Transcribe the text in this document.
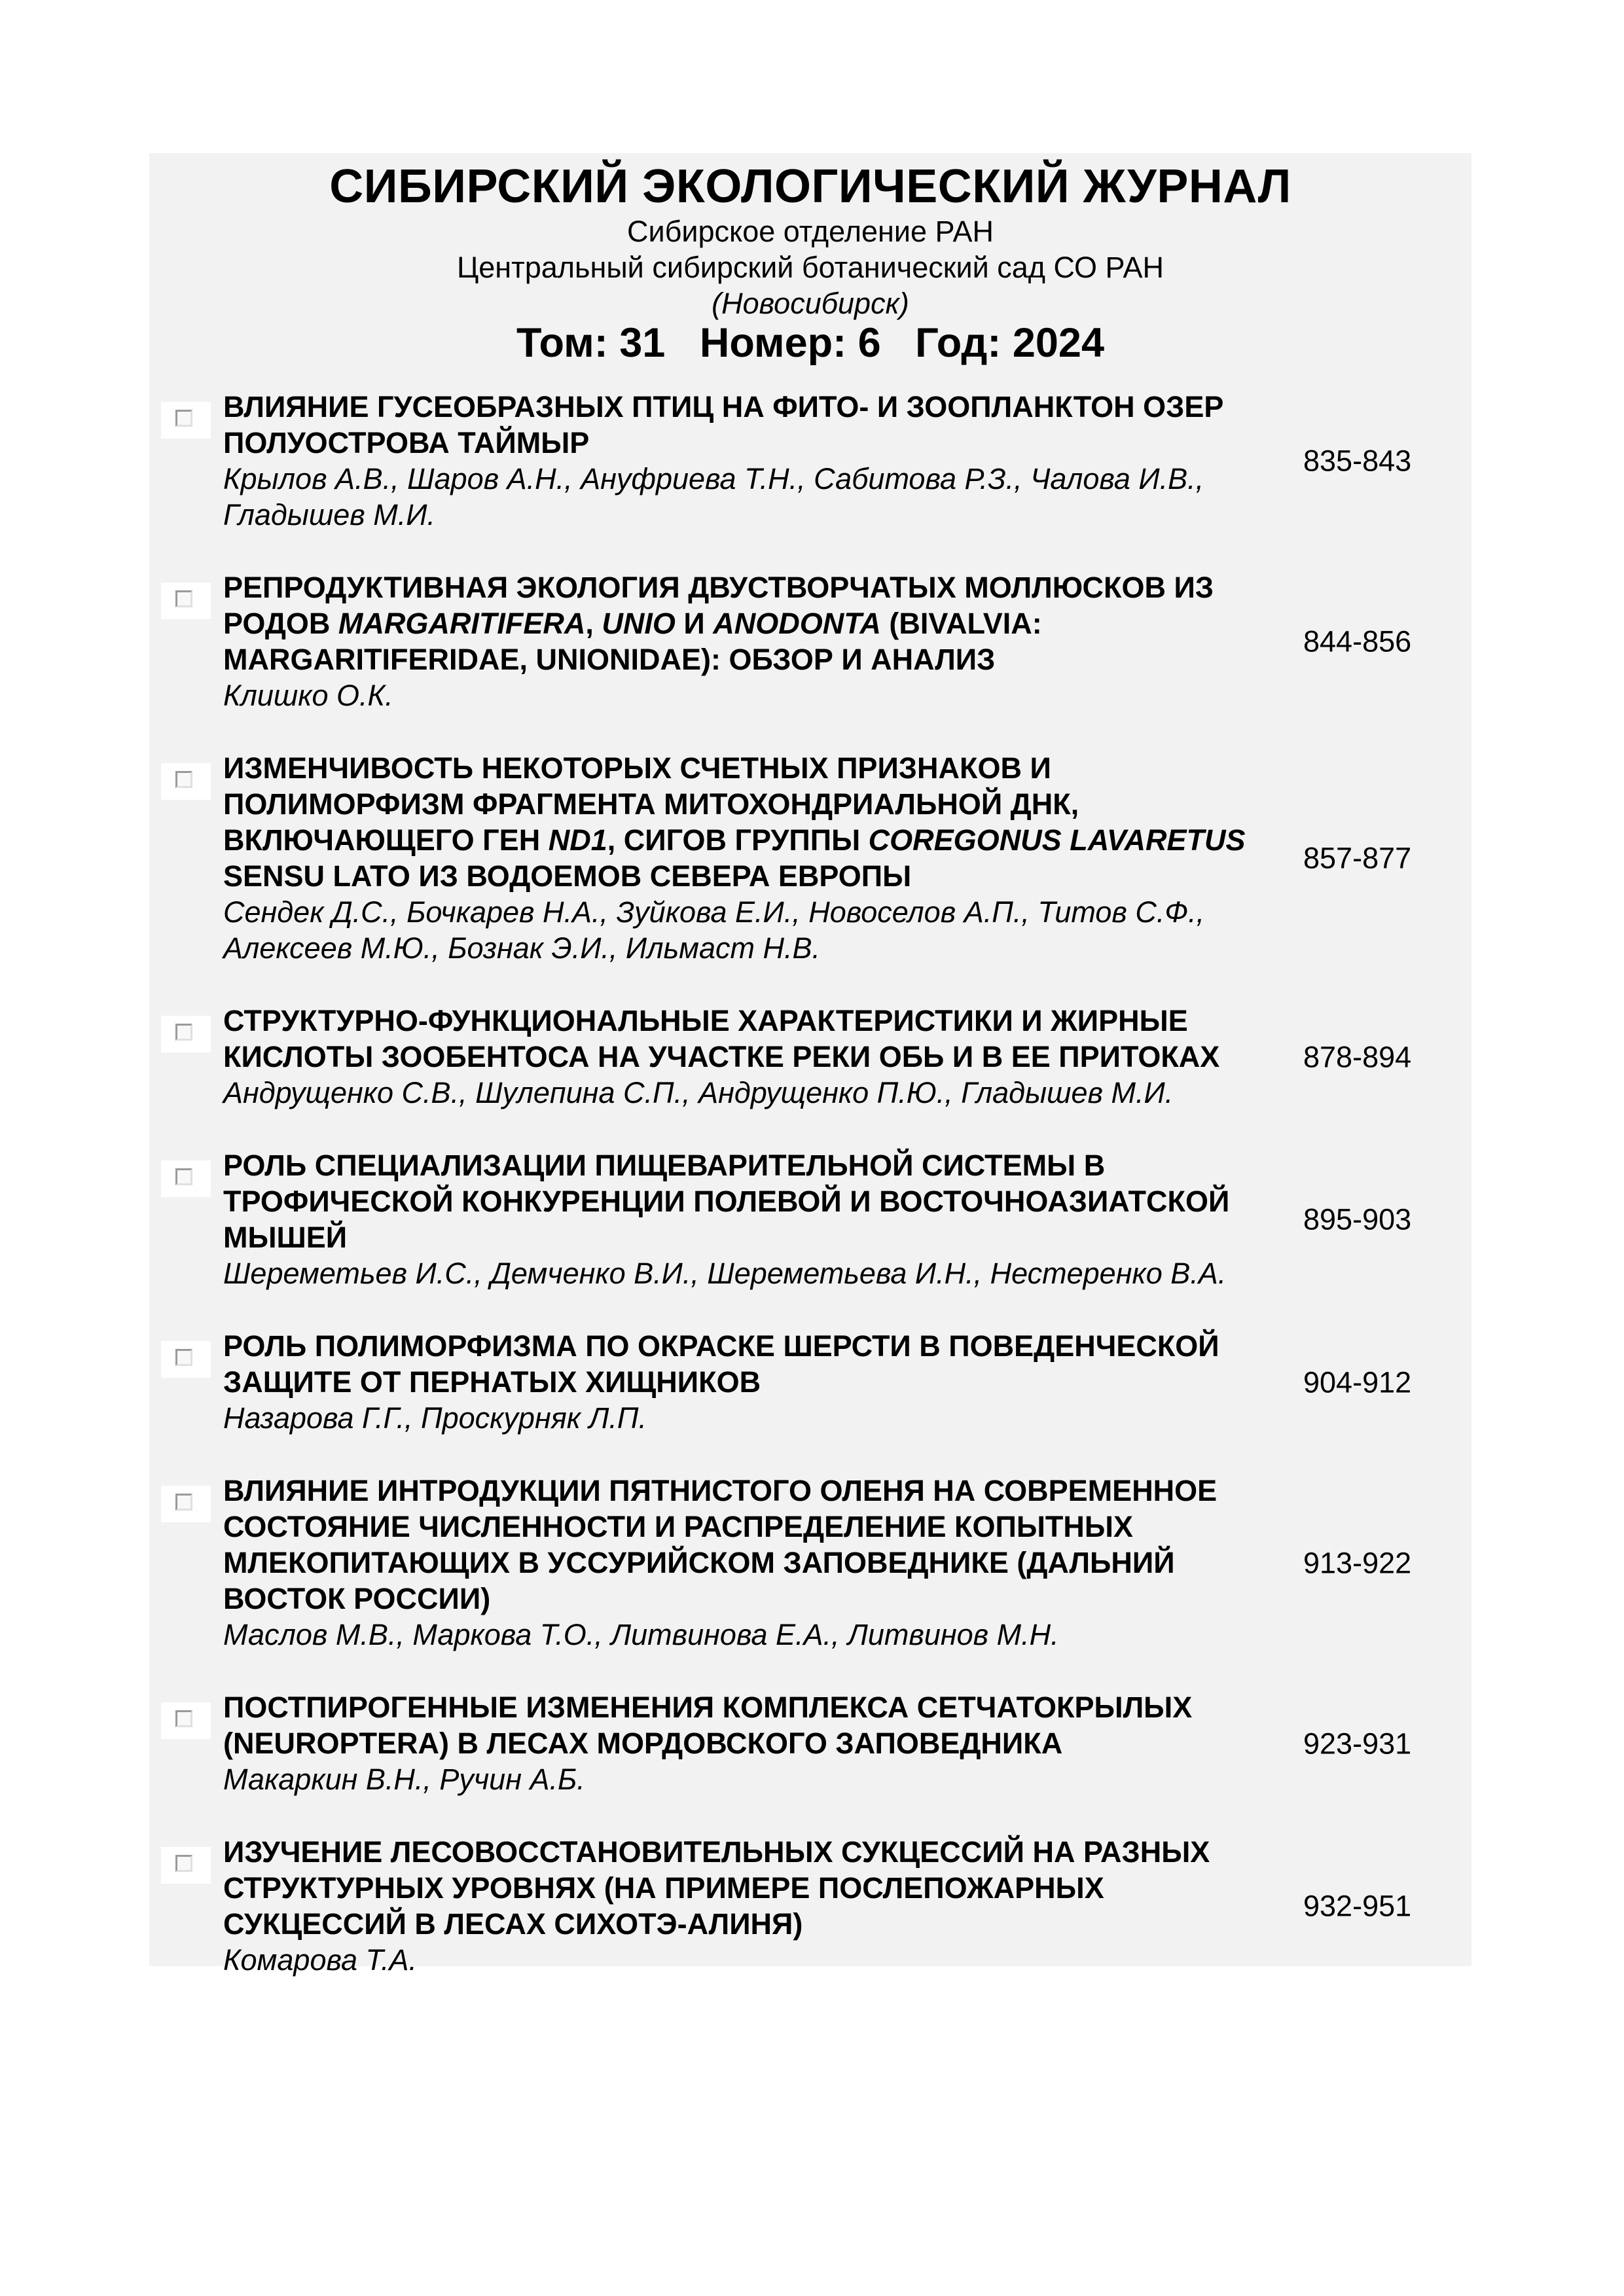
СИБИРСКИЙ ЭКОЛОГИЧЕСКИЙ ЖУРНАЛ
Сибирское отделение РАН
Центральный сибирский ботанический сад СО РАН
(Новосибирск)
Том: 31   Номер: 6   Год: 2024
ВЛИЯНИЕ ГУСЕОБРАЗНЫХ ПТИЦ НА ФИТО- И ЗООПЛАНКТОН ОЗЕР ПОЛУОСТРОВА ТАЙМЫР
Крылов А.В., Шаров А.Н., Ануфриева Т.Н., Сабитова Р.З., Чалова И.В., Гладышев М.И.
835-843
РЕПРОДУКТИВНАЯ ЭКОЛОГИЯ ДВУСТВОРЧАТЫХ МОЛЛЮСКОВ ИЗ РОДОВ MARGARITIFERA, UNIO И ANODONTA (BIVALVIA: MARGARITIFERIDAE, UNIONIDAE): ОБЗОР И АНАЛИЗ
Клишко О.К.
844-856
ИЗМЕНЧИВОСТЬ НЕКОТОРЫХ СЧЕТНЫХ ПРИЗНАКОВ И ПОЛИМОРФИЗМ ФРАГМЕНТА МИТОХОНДРИАЛЬНОЙ ДНК, ВКЛЮЧАЮЩЕГО ГЕН ND1, СИГОВ ГРУППЫ COREGONUS LAVARETUS SENSU LATO ИЗ ВОДОЕМОВ СЕВЕРА ЕВРОПЫ
Сендек Д.С., Бочкарев Н.А., Зуйкова Е.И., Новоселов А.П., Титов С.Ф., Алексеев М.Ю., Бознак Э.И., Ильмаст Н.В.
857-877
СТРУКТУРНО-ФУНКЦИОНАЛЬНЫЕ ХАРАКТЕРИСТИКИ И ЖИРНЫЕ КИСЛОТЫ ЗООБЕНТОСА НА УЧАСТКЕ РЕКИ ОБЬ И В ЕЕ ПРИТОКАХ
Андрущенко С.В., Шулепина С.П., Андрущенко П.Ю., Гладышев М.И.
878-894
РОЛЬ СПЕЦИАЛИЗАЦИИ ПИЩЕВАРИТЕЛЬНОЙ СИСТЕМЫ В ТРОФИЧЕСКОЙ КОНКУРЕНЦИИ ПОЛЕВОЙ И ВОСТОЧНОАЗИАТСКОЙ МЫШЕЙ
Шереметьев И.С., Демченко В.И., Шереметьева И.Н., Нестеренко В.А.
895-903
РОЛЬ ПОЛИМОРФИЗМА ПО ОКРАСКЕ ШЕРСТИ В ПОВЕДЕНЧЕСКОЙ ЗАЩИТЕ ОТ ПЕРНАТЫХ ХИЩНИКОВ
Назарова Г.Г., Проскурняк Л.П.
904-912
ВЛИЯНИЕ ИНТРОДУКЦИИ ПЯТНИСТОГО ОЛЕНЯ НА СОВРЕМЕННОЕ СОСТОЯНИЕ ЧИСЛЕННОСТИ И РАСПРЕДЕЛЕНИЕ КОПЫТНЫХ МЛЕКОПИТАЮЩИХ В УССУРИЙСКОМ ЗАПОВЕДНИКЕ (ДАЛЬНИЙ ВОСТОК РОССИИ)
Маслов М.В., Маркова Т.О., Литвинова Е.А., Литвинов М.Н.
913-922
ПОСТПИРОГЕННЫЕ ИЗМЕНЕНИЯ КОМПЛЕКСА СЕТЧАТОКРЫЛЫХ (NEUROPTERA) В ЛЕСАХ МОРДОВСКОГО ЗАПОВЕДНИКА
Макаркин В.Н., Ручин А.Б.
923-931
ИЗУЧЕНИЕ ЛЕСОВОССТАНОВИТЕЛЬНЫХ СУКЦЕССИЙ НА РАЗНЫХ СТРУКТУРНЫХ УРОВНЯХ (НА ПРИМЕРЕ ПОСЛЕПОЖАРНЫХ СУКЦЕССИЙ В ЛЕСАХ СИХОТЭ-АЛИНЯ)
Комарова Т.А.
932-951
